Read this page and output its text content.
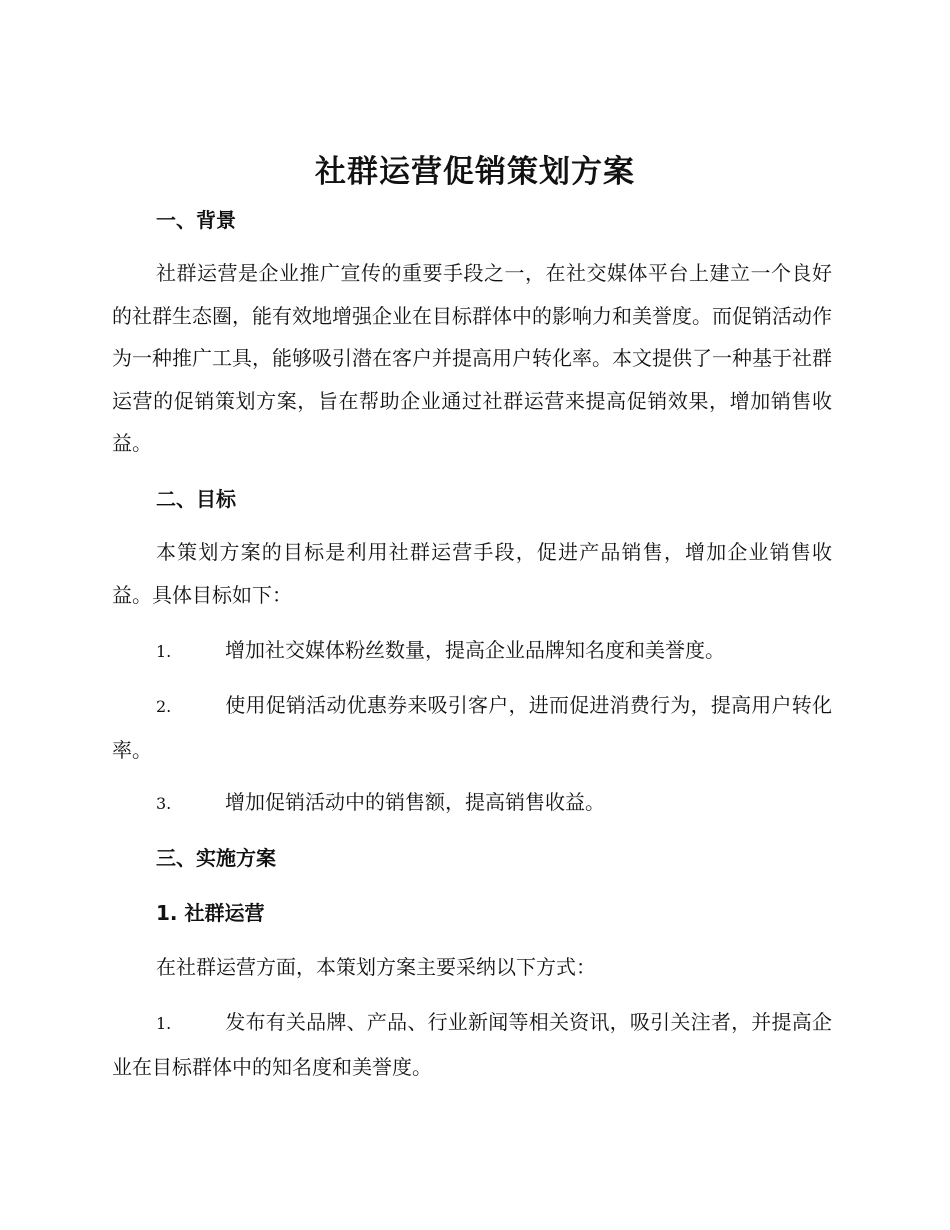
社群运营促销策划方案
一、背景

社群运营是企业推广宣传的重要手段之一，在社交媒体平台上建立一个良好的社群生态圈，能有效地增强企业在目标群体中的影响力和美誉度。而促销活动作为一种推广工具，能够吸引潜在客户并提高用户转化率。本文提供了一种基于社群运营的促销策划方案，旨在帮助企业通过社群运营来提高促销效果，增加销售收益。

二、目标

本策划方案的目标是利用社群运营手段，促进产品销售，增加企业销售收益。具体目标如下：

1.	增加社交媒体粉丝数量，提高企业品牌知名度和美誉度。

2.	使用促销活动优惠券来吸引客户，进而促进消费行为，提高用户转化率。

3.	增加促销活动中的销售额，提高销售收益。

三、实施方案
1. 社群运营

在社群运营方面，本策划方案主要采纳以下方式：

1.	发布有关品牌、产品、行业新闻等相关资讯，吸引关注者，并提高企业在目标群体中的知名度和美誉度。
